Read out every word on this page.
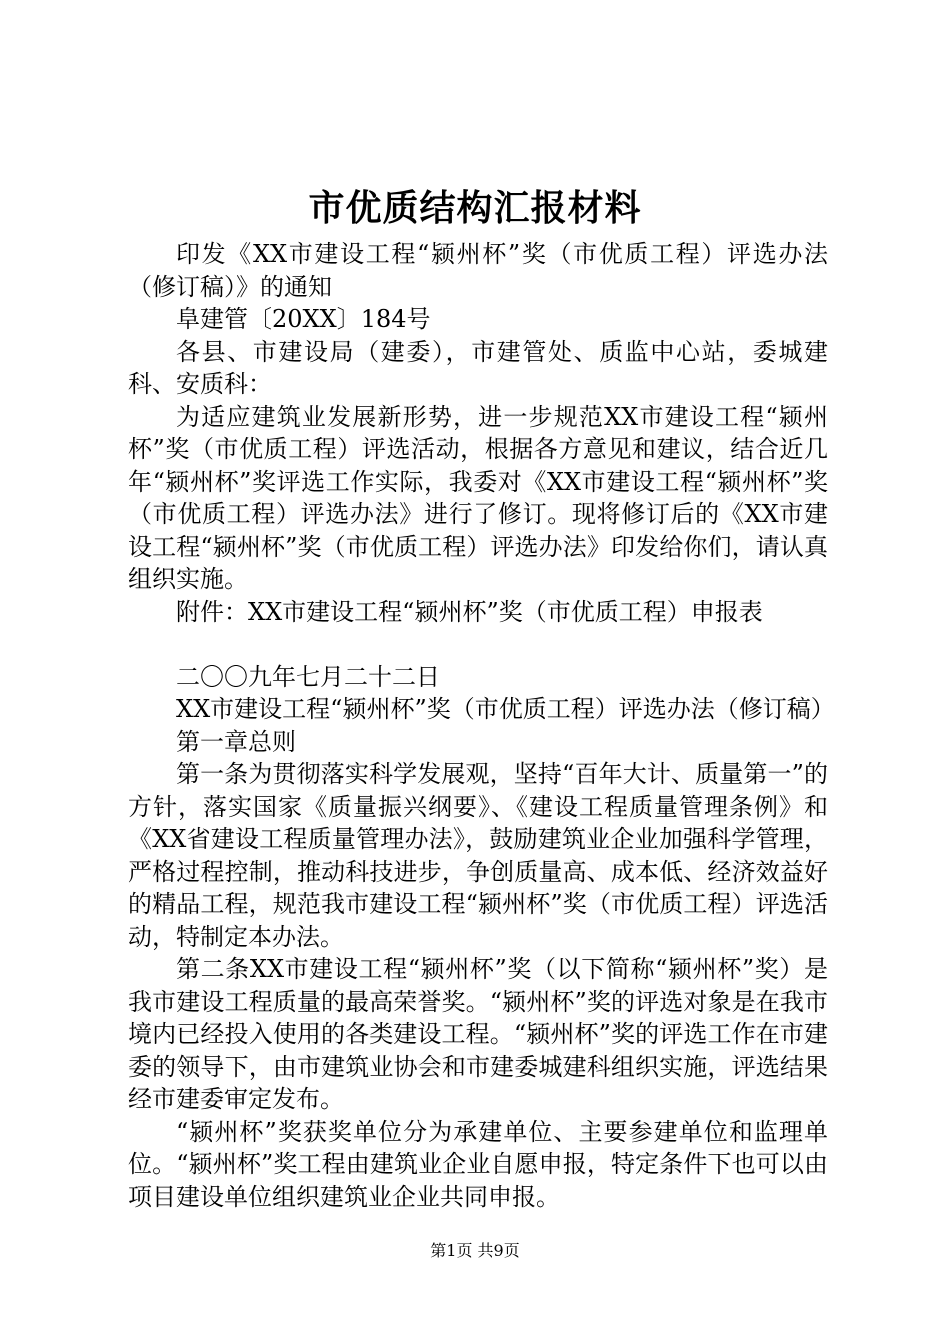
市优质结构汇报材料

印发《XX市建设工程“颍州杯”奖（市优质工程）评选办法（修订稿）》的通知

阜建管〔20XX〕184号

各县、市建设局（建委），市建管处、质监中心站，委城建科、安质科：

为适应建筑业发展新形势，进一步规范XX市建设工程“颍州杯”奖（市优质工程）评选活动，根据各方意见和建议，结合近几年“颍州杯”奖评选工作实际，我委对《XX市建设工程“颍州杯”奖（市优质工程）评选办法》进行了修订。现将修订后的《XX市建设工程“颍州杯”奖（市优质工程）评选办法》印发给你们，请认真组织实施。

附件：XX市建设工程“颍州杯”奖（市优质工程）申报表

二〇〇九年七月二十二日

XX市建设工程“颍州杯”奖（市优质工程）评选办法（修订稿）

第一章总则

第一条为贯彻落实科学发展观，坚持“百年大计、质量第一”的方针，落实国家《质量振兴纲要》、《建设工程质量管理条例》和《XX省建设工程质量管理办法》，鼓励建筑业企业加强科学管理，严格过程控制，推动科技进步，争创质量高、成本低、经济效益好的精品工程，规范我市建设工程“颍州杯”奖（市优质工程）评选活动，特制定本办法。

第二条XX市建设工程“颍州杯”奖（以下简称“颍州杯”奖）是我市建设工程质量的最高荣誉奖。“颍州杯”奖的评选对象是在我市境内已经投入使用的各类建设工程。“颍州杯”奖的评选工作在市建委的领导下，由市建筑业协会和市建委城建科组织实施，评选结果经市建委审定发布。

“颍州杯”奖获奖单位分为承建单位、主要参建单位和监理单位。“颍州杯”奖工程由建筑业企业自愿申报，特定条件下也可以由项目建设单位组织建筑业企业共同申报。

第1页 共9页
